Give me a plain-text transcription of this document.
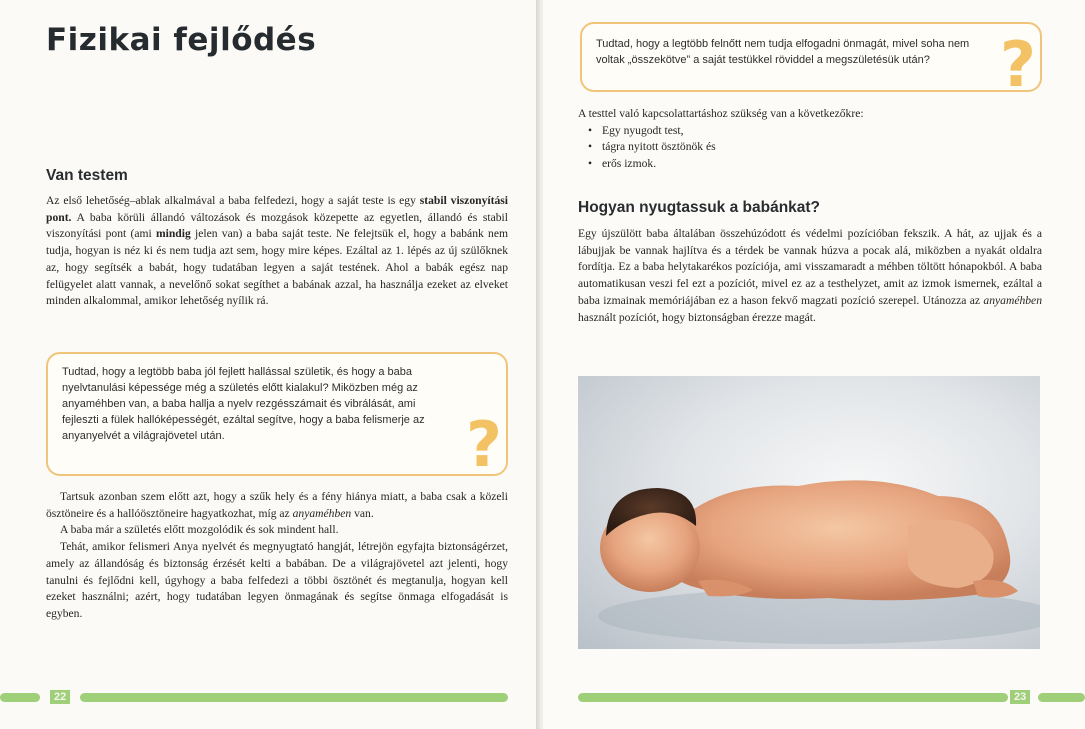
Fizikai fejlődés
Van testem

Az első lehetőség–ablak alkalmával a baba felfedezi, hogy a saját teste is egy stabil viszonyítási pont. A baba körüli állandó változások és mozgások közepette az egyetlen, állandó és stabil viszonyítási pont (ami mindig jelen van) a baba saját teste. Ne felejtsük el, hogy a babánk nem tudja, hogyan is néz ki és nem tudja azt sem, hogy mire képes. Ezáltal az 1. lépés az új szülőknek az, hogy segítsék a babát, hogy tudatában legyen a saját testének. Ahol a babák egész nap felügyelet alatt vannak, a nevelőnő sokat segíthet a babának azzal, ha használja ezeket az elveket minden alkalommal, amikor lehetőség nyílik rá.

Tudtad, hogy a legtöbb baba jól fejlett hallással születik, és hogy a baba nyelvtanulási képessége még a születés előtt kialakul? Miközben még az anyaméhben van, a baba hallja a nyelv rezgésszámait és vibrálását, ami fejleszti a fülek hallóképességét, ezáltal segítve, hogy a baba felismerje az anyanyelvét a világrajövetel után.	?

Tartsuk azonban szem előtt azt, hogy a szűk hely és a fény hiánya miatt, a baba csak a közeli ösztöneire és a hallóösztöneire hagyatkozhat, míg az anyaméhben van.

A baba már a születés előtt mozgolódik és sok mindent hall.

Tehát, amikor felismeri Anya nyelvét és megnyugtató hangját, létrejön egyfajta biztonságérzet, amely az állandóság és biztonság érzését kelti a babában. De a világrajövetel azt jelenti, hogy tanulni és fejlődni kell, úgyhogy a baba felfedezi a többi ösztönét és megtanulja, hogyan kell ezeket használni; azért, hogy tudatában legyen önmagának és segítse önmaga elfogadását is egyben.

22
Tudtad, hogy a legtöbb felnőtt nem tudja elfogadni önmagát, mivel soha nem voltak „összekötve” a saját testükkel röviddel a megszületésük után?	?

A testtel való kapcsolattartáshoz szükség van a következőkre:

• Egy nyugodt test,
• tágra nyitott ösztönök és
• erős izmok.
Hogyan nyugtassuk a babánkat?

Egy újszülött baba általában összehúzódott és védelmi pozícióban fekszik. A hát, az ujjak és a lábujjak be vannak hajlítva és a térdek be vannak húzva a pocak alá, miközben a nyakát oldalra fordítja. Ez a baba helytakarékos pozíciója, ami visszamaradt a méhben töltött hónapokból. A baba automatikusan veszi fel ezt a pozíciót, mivel ez az a testhelyzet, amit az izmok ismernek, ezáltal a baba izmainak memóriájában ez a hason fekvő magzati pozíció szerepel. Utánozza az anyaméhben használt pozíciót, hogy biztonságban érezze magát.

23
